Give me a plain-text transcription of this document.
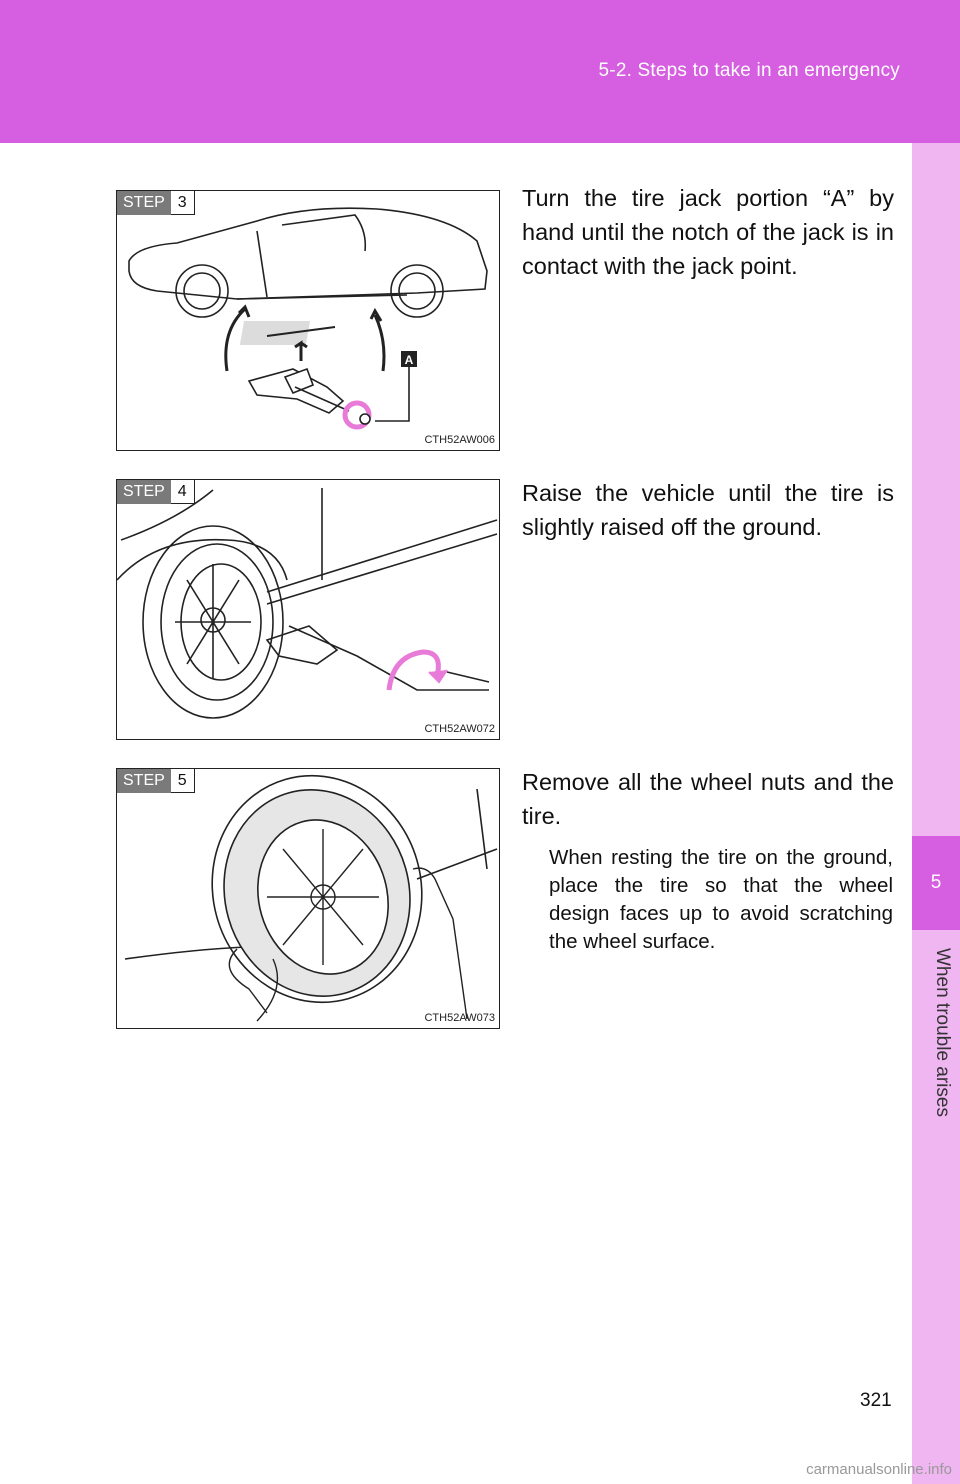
5-2. Steps to take in an emergency
5
When trouble arises
A
STEP 3
CTH52AW006
Turn the tire jack portion “A” by hand until the notch of the jack is in contact with the jack point.
STEP 4
CTH52AW072
Raise the vehicle until the tire is slightly raised off the ground.
STEP 5
CTH52AW073
Remove all the wheel nuts and the tire.
When resting the tire on the ground, place the tire so that the wheel design faces up to avoid scratching the wheel surface.
321
carmanualsonline.info
